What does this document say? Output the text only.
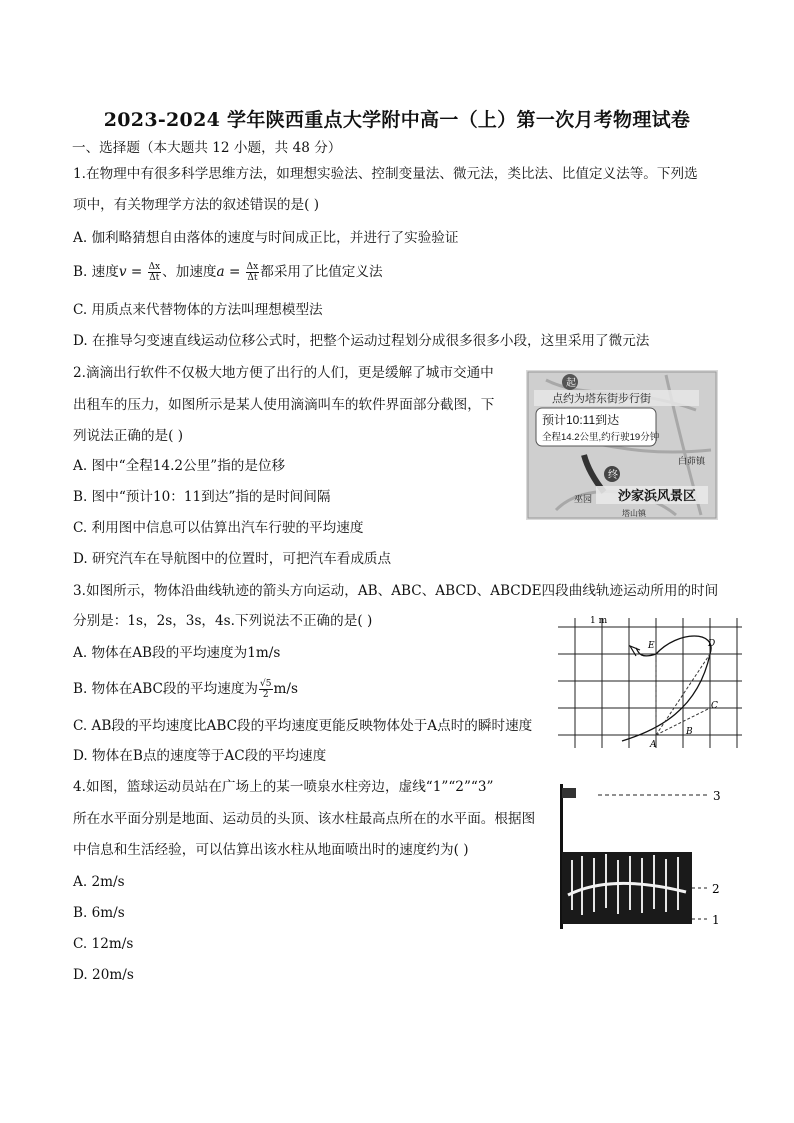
2023-2024 学年陕西重点大学附中高一（上）第一次月考物理试卷
一、选择题（本大题共 12 小题，共 48 分）
1.在物理中有很多科学思维方法，如理想实验法、控制变量法、微元法，类比法、比值定义法等。下列选
项中，有关物理学方法的叙述错误的是( )
A. 伽利略猜想自由落体的速度与时间成正比，并进行了实验验证
B. 速度$v = \frac{\Delta x}{\Delta t}$ 、加速度$a = \frac{\Delta x}{\Delta t}$ 都采用了比值定义法
C. 用质点来代替物体的方法叫理想模型法
D. 在推导匀变速直线运动位移公式时，把整个运动过程划分成很多很多小段，这里采用了微元法
2.滴滴出行软件不仅极大地方便了出行的人们，更是缓解了城市交通中
出租车的压力，如图所示是某人使用滴滴叫车的软件界面部分截图，下
列说法正确的是( )
A. 图中“全程14.2公里”指的是位移
B. 图中“预计10：11到达”指的是时间间隔
C. 利用图中信息可以估算出汽车行驶的平均速度
D. 研究汽车在导航图中的位置时，可把汽车看成质点
点约为塔东街步行街
预计10:11到达
全程14.2公里,约行驶19分钟
起
终
白茆镇
巫园
塔山镇
沙家浜风景区
3.如图所示，物体沿曲线轨迹的箭头方向运动，AB、ABC、ABCD、ABCDE四段曲线轨迹运动所用的时间
分别是：1s，2s，3s，4s.下列说法不正确的是( )
A. 物体在AB段的平均速度为1m/s
B. 物体在ABC段的平均速度为 $\frac{√5}{2} m/s$
C. AB段的平均速度比ABC段的平均速度更能反映物体处于A点时的瞬时速度
D. 物体在B点的速度等于AC段的平均速度
1 m
A
B
C
D
E
4.如图，篮球运动员站在广场上的某一喷泉水柱旁边，虚线“1”“2”“3”
所在水平面分别是地面、运动员的头顶、该水柱最高点所在的水平面。根据图
中信息和生活经验，可以估算出该水柱从地面喷出时的速度约为( )
A. 2m/s
B. 6m/s
C. 12m/s
D. 20m/s
3
2
1
